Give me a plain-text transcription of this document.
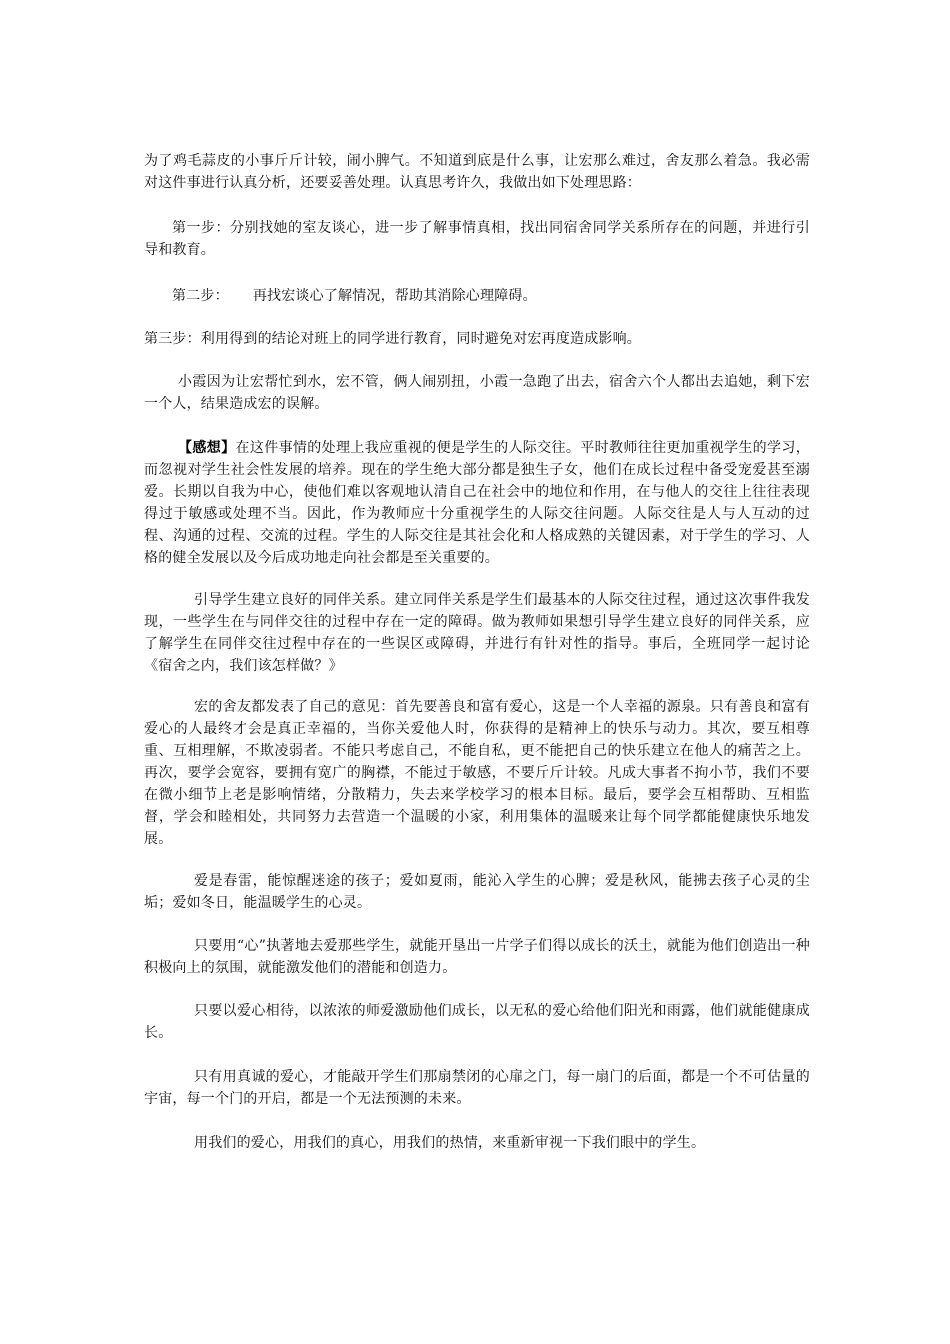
为了鸡毛蒜皮的小事斤斤计较，闹小脾气。不知道到底是什么事，让宏那么难过，舍友那么着急。我必需对这件事进行认真分析，还要妥善处理。认真思考许久，我做出如下处理思路：

第一步：分别找她的室友谈心，进一步了解事情真相，找出同宿舍同学关系所存在的问题，并进行引导和教育。

第二步： 再找宏谈心了解情况，帮助其消除心理障碍。

第三步：利用得到的结论对班上的同学进行教育，同时避免对宏再度造成影响。

小霞因为让宏帮忙到水，宏不管，俩人闹别扭，小霞一急跑了出去，宿舍六个人都出去追她，剩下宏一个人，结果造成宏的误解。

【感想】在这件事情的处理上我应重视的便是学生的人际交往。平时教师往往更加重视学生的学习，而忽视对学生社会性发展的培养。现在的学生绝大部分都是独生子女，他们在成长过程中备受宠爱甚至溺爱。长期以自我为中心，使他们难以客观地认清自己在社会中的地位和作用，在与他人的交往上往往表现得过于敏感或处理不当。因此，作为教师应十分重视学生的人际交往问题。人际交往是人与人互动的过程、沟通的过程、交流的过程。学生的人际交往是其社会化和人格成熟的关键因素，对于学生的学习、人格的健全发展以及今后成功地走向社会都是至关重要的。

引导学生建立良好的同伴关系。建立同伴关系是学生们最基本的人际交往过程，通过这次事件我发现，一些学生在与同伴交往的过程中存在一定的障碍。做为教师如果想引导学生建立良好的同伴关系，应了解学生在同伴交往过程中存在的一些误区或障碍，并进行有针对性的指导。事后，全班同学一起讨论《宿舍之内，我们该怎样做？》

宏的舍友都发表了自己的意见：首先要善良和富有爱心，这是一个人幸福的源泉。只有善良和富有爱心的人最终才会是真正幸福的，当你关爱他人时，你获得的是精神上的快乐与动力。其次，要互相尊重、互相理解，不欺凌弱者。不能只考虑自己，不能自私，更不能把自己的快乐建立在他人的痛苦之上。再次，要学会宽容，要拥有宽广的胸襟，不能过于敏感，不要斤斤计较。凡成大事者不拘小节，我们不要在微小细节上老是影响情绪，分散精力，失去来学校学习的根本目标。最后，要学会互相帮助、互相监督，学会和睦相处，共同努力去营造一个温暖的小家，利用集体的温暖来让每个同学都能健康快乐地发展。

爱是春雷，能惊醒迷途的孩子；爱如夏雨，能沁入学生的心脾；爱是秋风，能拂去孩子心灵的尘垢；爱如冬日，能温暖学生的心灵。

只要用“心”执著地去爱那些学生，就能开垦出一片学子们得以成长的沃土，就能为他们创造出一种积极向上的氛围，就能激发他们的潜能和创造力。

只要以爱心相待，以浓浓的师爱激励他们成长，以无私的爱心给他们阳光和雨露，他们就能健康成长。

只有用真诚的爱心，才能敲开学生们那扇禁闭的心扉之门，每一扇门的后面，都是一个不可估量的宇宙，每一个门的开启，都是一个无法预测的未来。

用我们的爱心，用我们的真心，用我们的热情，来重新审视一下我们眼中的学生。
